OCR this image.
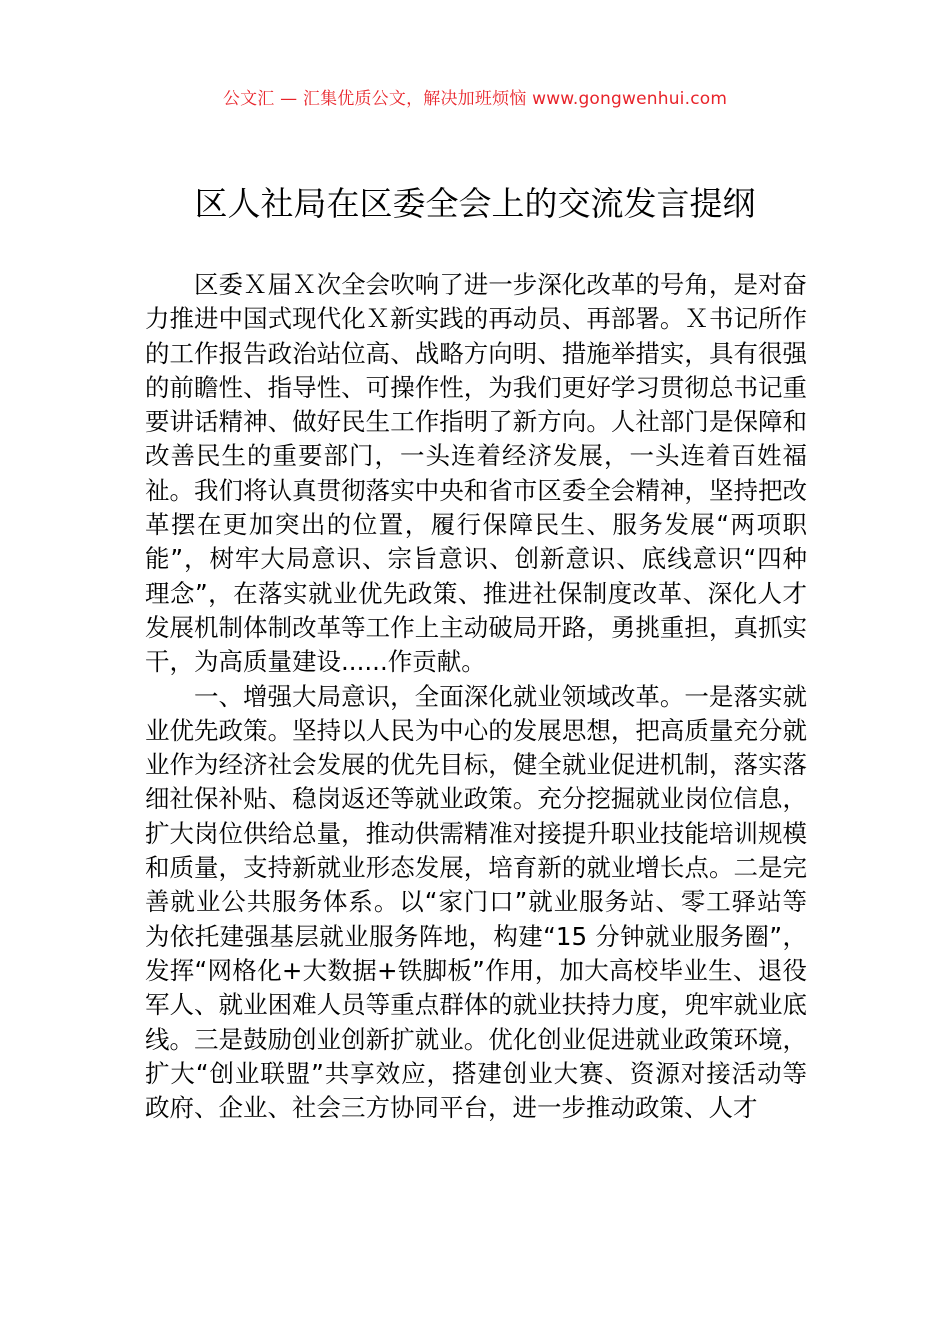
公文汇 — 汇集优质公文，解决加班烦恼 www.gongwenhui.com
区人社局在区委全会上的交流发言提纲

区委Ｘ届Ｘ次全会吹响了进一步深化改革的号角，是对奋力推进中国式现代化Ｘ新实践的再动员、再部署。Ｘ书记所作的工作报告政治站位高、战略方向明、措施举措实，具有很强的前瞻性、指导性、可操作性，为我们更好学习贯彻总书记重要讲话精神、做好民生工作指明了新方向。人社部门是保障和改善民生的重要部门，一头连着经济发展，一头连着百姓福祉。我们将认真贯彻落实中央和省市区委全会精神，坚持把改革摆在更加突出的位置，履行保障民生、服务发展“两项职能”，树牢大局意识、宗旨意识、创新意识、底线意识“四种理念”，在落实就业优先政策、推进社保制度改革、深化人才发展机制体制改革等工作上主动破局开路，勇挑重担，真抓实干，为高质量建设......作贡献。

一、增强大局意识，全面深化就业领域改革。一是落实就业优先政策。坚持以人民为中心的发展思想，把高质量充分就业作为经济社会发展的优先目标，健全就业促进机制，落实落细社保补贴、稳岗返还等就业政策。充分挖掘就业岗位信息，扩大岗位供给总量，推动供需精准对接提升职业技能培训规模和质量，支持新就业形态发展，培育新的就业增长点。二是完善就业公共服务体系。以“家门口”就业服务站、零工驿站等为依托建强基层就业服务阵地，构建“15 分钟就业服务圈”，发挥“网格化+大数据+铁脚板”作用，加大高校毕业生、退役军人、就业困难人员等重点群体的就业扶持力度，兜牢就业底线。三是鼓励创业创新扩就业。优化创业促进就业政策环境，扩大“创业联盟”共享效应，搭建创业大赛、资源对接活动等政府、企业、社会三方协同平台，进一步推动政策、人才
